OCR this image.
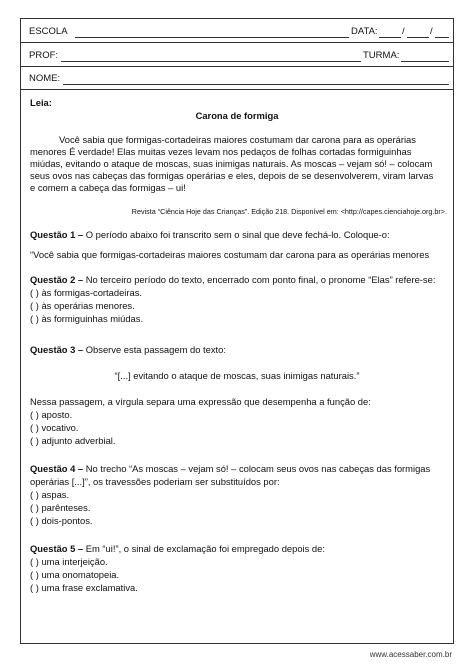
ESCOLA	DATA:	/	/
PROF:	TURMA:
NOME:
Leia:
Carona de formiga
Você sabia que formigas-cortadeiras maiores costumam dar carona para as operárias
menores É verdade! Elas muitas vezes levam nos pedaços de folhas cortadas formiguinhas
miúdas, evitando o ataque de moscas, suas inimigas naturais. As moscas – vejam só! – colocam
seus ovos nas cabeças das formigas operárias e eles, depois de se desenvolverem, viram larvas
e comem a cabeça das formigas – ui!
Revista “Ciência Hoje das Crianças”. Edição 218. Disponível em: <http://capes.cienciahoje.org.br>.
Questão 1 – O período abaixo foi transcrito sem o sinal que deve fechá-lo. Coloque-o:
“Você sabia que formigas-cortadeiras maiores costumam dar carona para as operárias menores
Questão 2 – No terceiro período do texto, encerrado com ponto final, o pronome “Elas” refere-se:
( ) às formigas-cortadeiras.
( ) às operárias menores.
( ) às formiguinhas miúdas.
Questão 3 – Observe esta passagem do texto:
“[...] evitando o ataque de moscas, suas inimigas naturais.”
Nessa passagem, a vírgula separa uma expressão que desempenha a função de:
( ) aposto.
( ) vocativo.
( ) adjunto adverbial.
Questão 4 – No trecho “As moscas – vejam só! – colocam seus ovos nas cabeças das formigas
operárias [...]”, os travessões poderiam ser substituídos por:
( ) aspas.
( ) parênteses.
( ) dois-pontos.
Questão 5 – Em “ui!”, o sinal de exclamação foi empregado depois de:
( ) uma interjeição.
( ) uma onomatopeia.
( ) uma frase exclamativa.
www.acessaber.com.br
